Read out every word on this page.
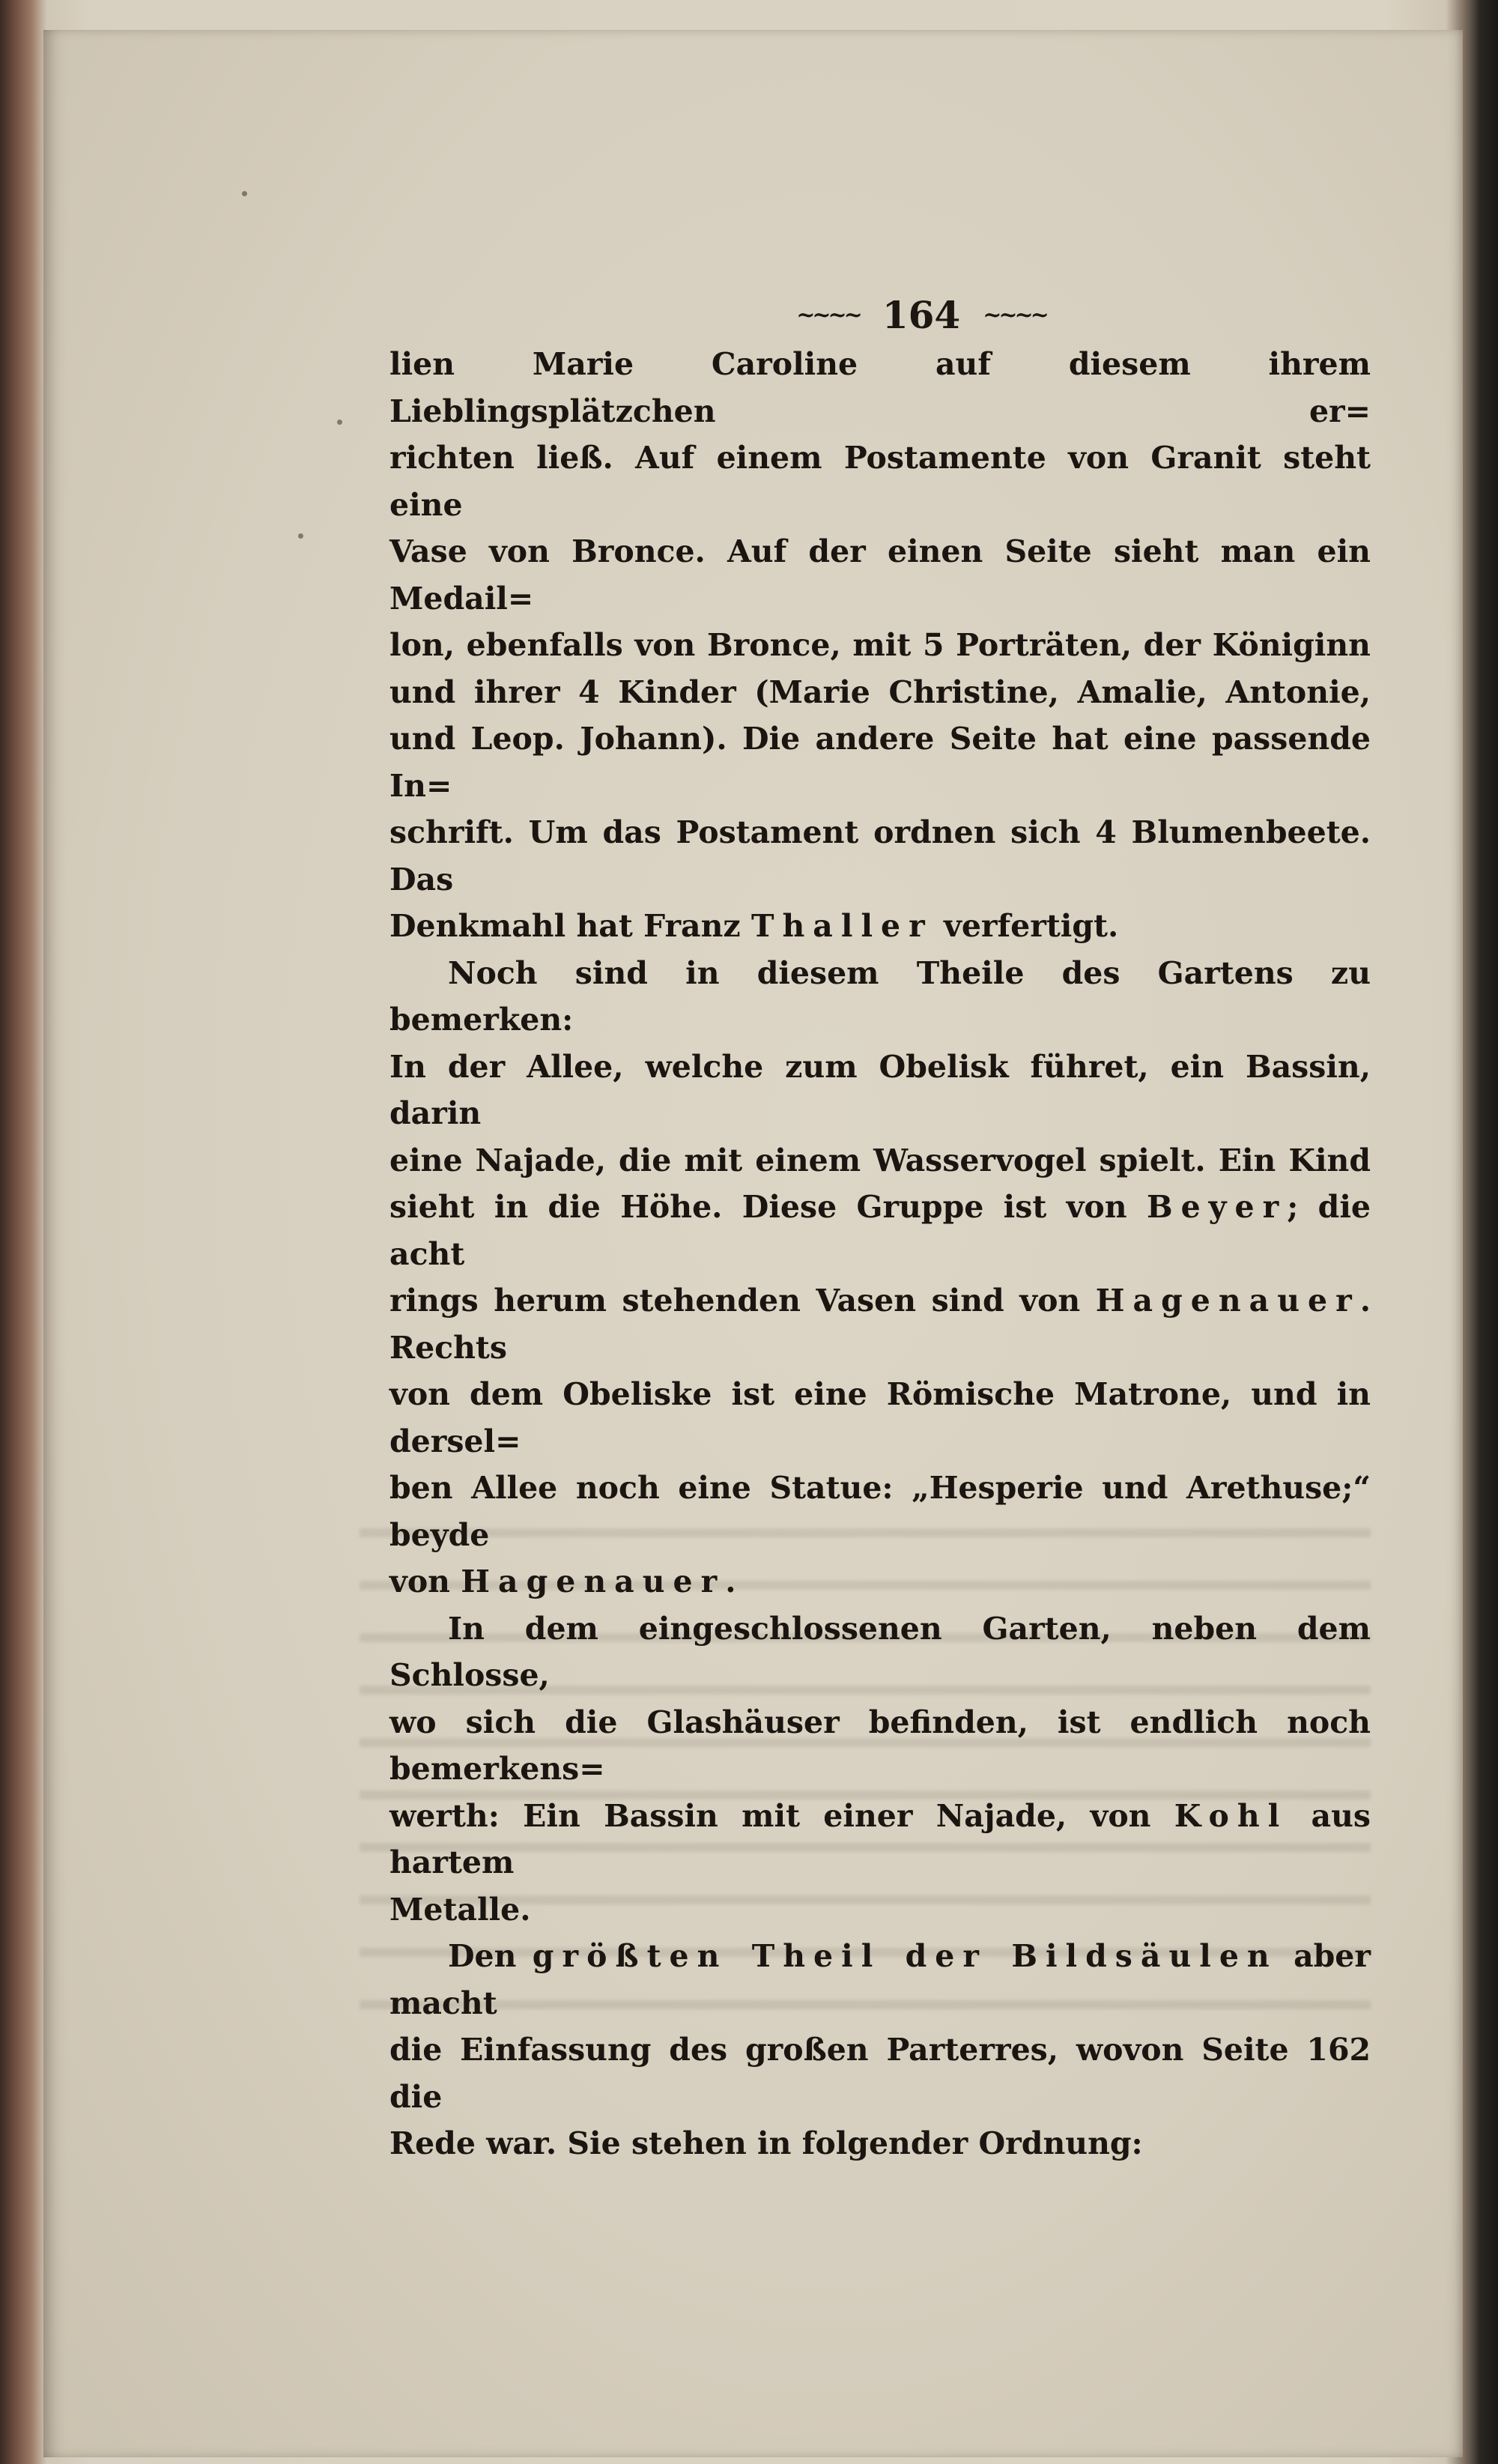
~~~~ 164 ~~~~

lien Marie Caroline auf diesem ihrem Lieblingsplätzchen er=

richten ließ. Auf einem Postamente von Granit steht eine

Vase von Bronce. Auf der einen Seite sieht man ein Medail=

lon, ebenfalls von Bronce, mit 5 Porträten, der Königinn

und ihrer 4 Kinder (Marie Christine, Amalie, Antonie,

und Leop. Johann). Die andere Seite hat eine passende In=

schrift. Um das Postament ordnen sich 4 Blumenbeete. Das

Denkmahl hat Franz Thaller verfertigt.

Noch sind in diesem Theile des Gartens zu bemerken:

In der Allee, welche zum Obelisk führet, ein Bassin, darin

eine Najade, die mit einem Wasservogel spielt. Ein Kind

sieht in die Höhe. Diese Gruppe ist von Beyer; die acht

rings herum stehenden Vasen sind von Hagenauer. Rechts

von dem Obeliske ist eine Römische Matrone, und in dersel=

ben Allee noch eine Statue: „Hesperie und Arethuse;“ beyde

von Hagenauer.

In dem eingeschlossenen Garten, neben dem Schlosse,

wo sich die Glashäuser befinden, ist endlich noch bemerkens=

werth: Ein Bassin mit einer Najade, von Kohl aus hartem

Metalle.

Den größten Theil der Bildsäulen aber macht

die Einfassung des großen Parterres, wovon Seite 162 die

Rede war. Sie stehen in folgender Ordnung:
